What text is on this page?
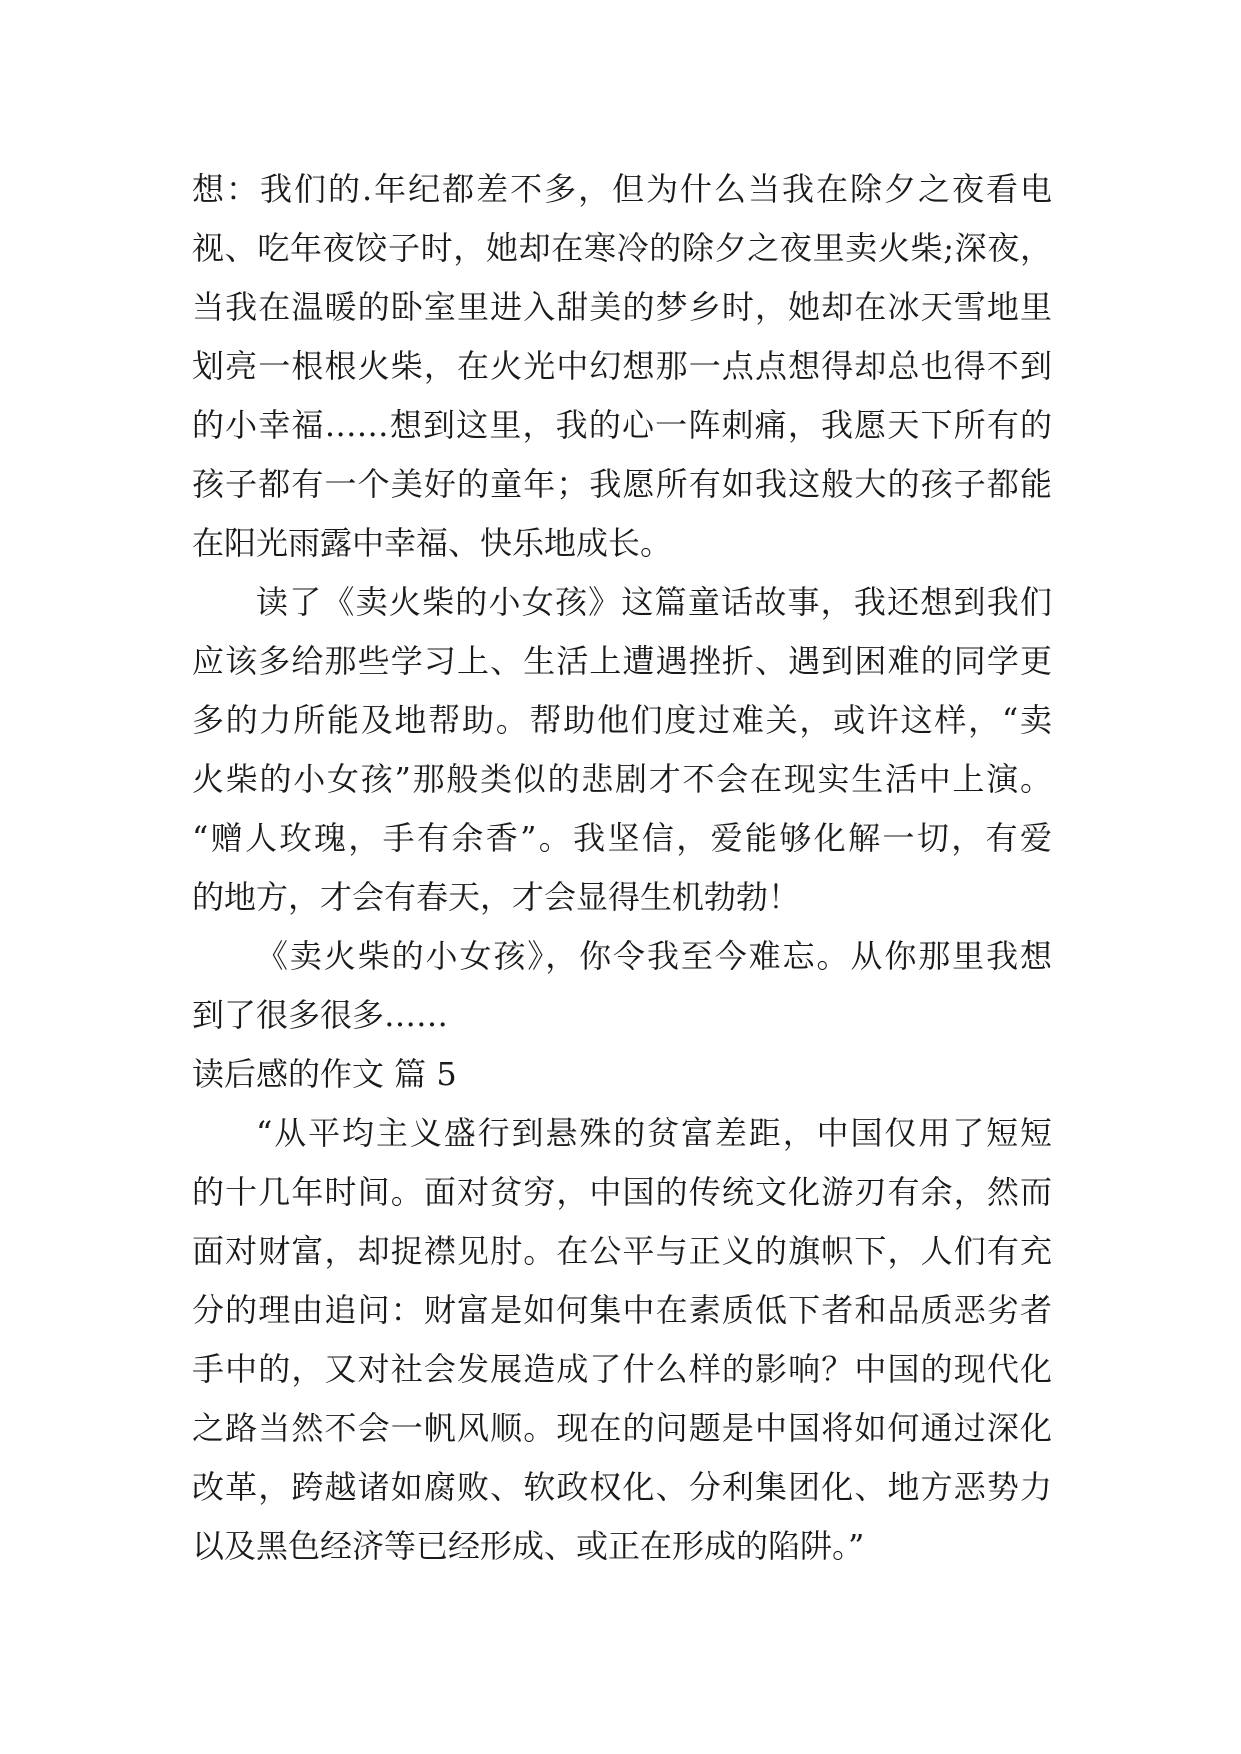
想：我们的.年纪都差不多，但为什么当我在除夕之夜看电
视、吃年夜饺子时，她却在寒冷的除夕之夜里卖火柴;深夜，
当我在温暖的卧室里进入甜美的梦乡时，她却在冰天雪地里
划亮一根根火柴，在火光中幻想那一点点想得却总也得不到
的小幸福……想到这里，我的心一阵刺痛，我愿天下所有的
孩子都有一个美好的童年；我愿所有如我这般大的孩子都能
在阳光雨露中幸福、快乐地成长。
读了《卖火柴的小女孩》这篇童话故事，我还想到我们
应该多给那些学习上、生活上遭遇挫折、遇到困难的同学更
多的力所能及地帮助。帮助他们度过难关，或许这样，“卖
火柴的小女孩”那般类似的悲剧才不会在现实生活中上演。
“赠人玫瑰，手有余香”。我坚信，爱能够化解一切，有爱
的地方，才会有春天，才会显得生机勃勃！
《卖火柴的小女孩》，你令我至今难忘。从你那里我想
到了很多很多……
读后感的作文 篇 5
“从平均主义盛行到悬殊的贫富差距，中国仅用了短短
的十几年时间。面对贫穷，中国的传统文化游刃有余，然而
面对财富，却捉襟见肘。在公平与正义的旗帜下，人们有充
分的理由追问：财富是如何集中在素质低下者和品质恶劣者
手中的，又对社会发展造成了什么样的影响？中国的现代化
之路当然不会一帆风顺。现在的问题是中国将如何通过深化
改革，跨越诸如腐败、软政权化、分利集团化、地方恶势力
以及黑色经济等已经形成、或正在形成的陷阱。”
